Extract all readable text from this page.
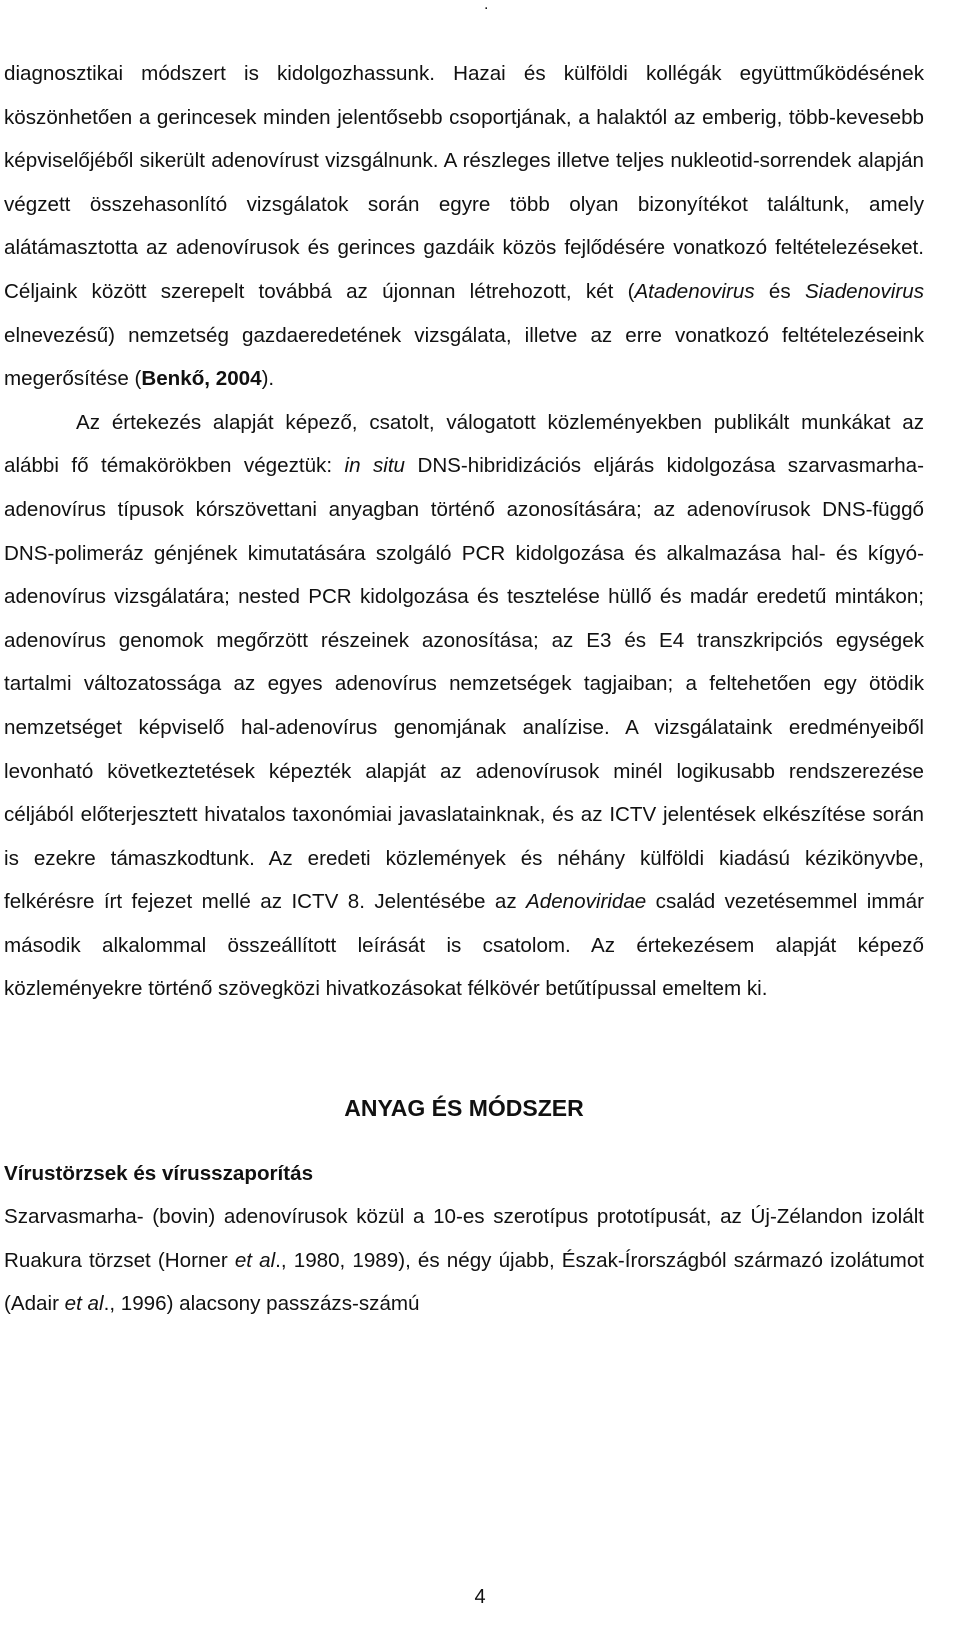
.

diagnosztikai módszert is kidolgozhassunk. Hazai és külföldi kollégák együttműködésének köszönhetően a gerincesek minden jelentősebb csoportjának, a halaktól az emberig, több-kevesebb képviselőjéből sikerült adenovírust vizsgálnunk. A részleges illetve teljes nukleotid-sorrendek alapján végzett összehasonlító vizsgálatok során egyre több olyan bizonyítékot találtunk, amely alátámasztotta az adenovírusok és gerinces gazdáik közös fejlődésére vonatkozó feltételezéseket. Céljaink között szerepelt továbbá az újonnan létrehozott, két (Atadenovirus és Siadenovirus elnevezésű) nemzetség gazdaeredetének vizsgálata, illetve az erre vonatkozó feltételezéseink megerősítése (Benkő, 2004).

Az értekezés alapját képező, csatolt, válogatott közleményekben publikált munkákat az alábbi fő témakörökben végeztük: in situ DNS-hibridizációs eljárás kidolgozása szarvasmarha-adenovírus típusok kórszövettani anyagban történő azonosítására; az adenovírusok DNS-függő DNS-polimeráz génjének kimutatására szolgáló PCR kidolgozása és alkalmazása hal- és kígyó-adenovírus vizsgálatára; nested PCR kidolgozása és tesztelése hüllő és madár eredetű mintákon; adenovírus genomok megőrzött részeinek azonosítása; az E3 és E4 transzkripciós egységek tartalmi változatossága az egyes adenovírus nemzetségek tagjaiban; a feltehetően egy ötödik nemzetséget képviselő hal-adenovírus genomjának analízise. A vizsgálataink eredményeiből levonható következtetések képezték alapját az adenovírusok minél logikusabb rendszerezése céljából előterjesztett hivatalos taxonómiai javaslatainknak, és az ICTV jelentések elkészítése során is ezekre támaszkodtunk. Az eredeti közlemények és néhány külföldi kiadású kézikönyvbe, felkérésre írt fejezet mellé az ICTV 8. Jelentésébe az Adenoviridae család vezetésemmel immár második alkalommal összeállított leírását is csatolom. Az értekezésem alapját képező közleményekre történő szövegközi hivatkozásokat félkövér betűtípussal emeltem ki.

ANYAG ÉS MÓDSZER
Vírustörzsek és vírusszaporítás

Szarvasmarha- (bovin) adenovírusok közül a 10-es szerotípus prototípusát, az Új-Zélandon izolált Ruakura törzset (Horner et al., 1980, 1989), és négy újabb, Észak-Írországból származó izolátumot (Adair et al., 1996) alacsony passzázs-számú

4
